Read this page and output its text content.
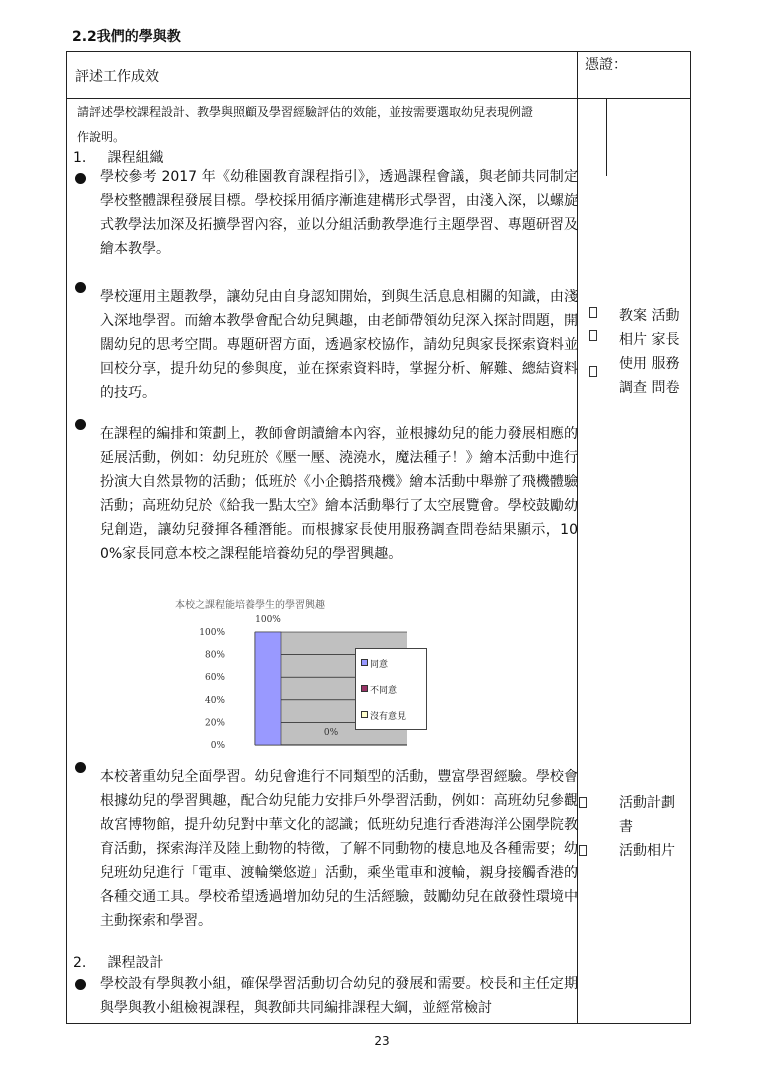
2.2我們的學與教
評述工作成效
憑證：
請評述學校課程設計、教學與照顧及學習經驗評估的效能，並按需要選取幼兒表現例證
作說明。
1. 課程組織
學校參考 2017 年《幼稚園教育課程指引》，透過課程會議，與老師共同制定學校整體課程發展目標。學校採用循序漸進建構形式學習，由淺入深，以螺旋式教學法加深及拓擴學習內容，並以分組活動教學進行主題學習、專題研習及繪本教學。
學校運用主題教學，讓幼兒由自身認知開始，到與生活息息相關的知識，由淺入深地學習。而繪本教學會配合幼兒興趣，由老師帶領幼兒深入探討問題，開闊幼兒的思考空間。專題研習方面，透過家校協作，請幼兒與家長探索資料並回校分享，提升幼兒的參與度，並在探索資料時，掌握分析、解難、總結資料的技巧。
在課程的編排和策劃上，教師會朗讀繪本內容，並根據幼兒的能力發展相應的延展活動，例如：幼兒班於《壓一壓、澆澆水，魔法種子！》繪本活動中進行扮演大自然景物的活動；低班於《小企鵝搭飛機》繪本活動中舉辦了飛機體驗活動；高班幼兒於《給我一點太空》繪本活動舉行了太空展覽會。學校鼓勵幼兒創造，讓幼兒發揮各種潛能。而根據家長使用服務調查問卷結果顯示，100%家長同意本校之課程能培養幼兒的學習興趣。
本校著重幼兒全面學習。幼兒會進行不同類型的活動，豐富學習經驗。學校會根據幼兒的學習興趣，配合幼兒能力安排戶外學習活動，例如：高班幼兒參觀故宮博物館，提升幼兒對中華文化的認識；低班幼兒進行香港海洋公園學院教育活動，探索海洋及陸上動物的特徵，了解不同動物的棲息地及各種需要；幼兒班幼兒進行「電車、渡輪樂悠遊」活動，乘坐電車和渡輪，親身接觸香港的各種交通工具。學校希望透過增加幼兒的生活經驗，鼓勵幼兒在啟發性環境中主動探索和學習。
2. 課程設計
學校設有學與教小組，確保學習活動切合幼兒的發展和需要。校長和主任定期與學與教小組檢視課程，與教師共同編排課程大綱，並經常檢討
教案 活動
相片 家長
使用 服務
調查 問卷
活動計劃
書
活動相片
本校之課程能培養學生的學習興趣
0%
20%
40%
60%
80%
100%
100%
0%
同意
不同意
沒有意見
23
